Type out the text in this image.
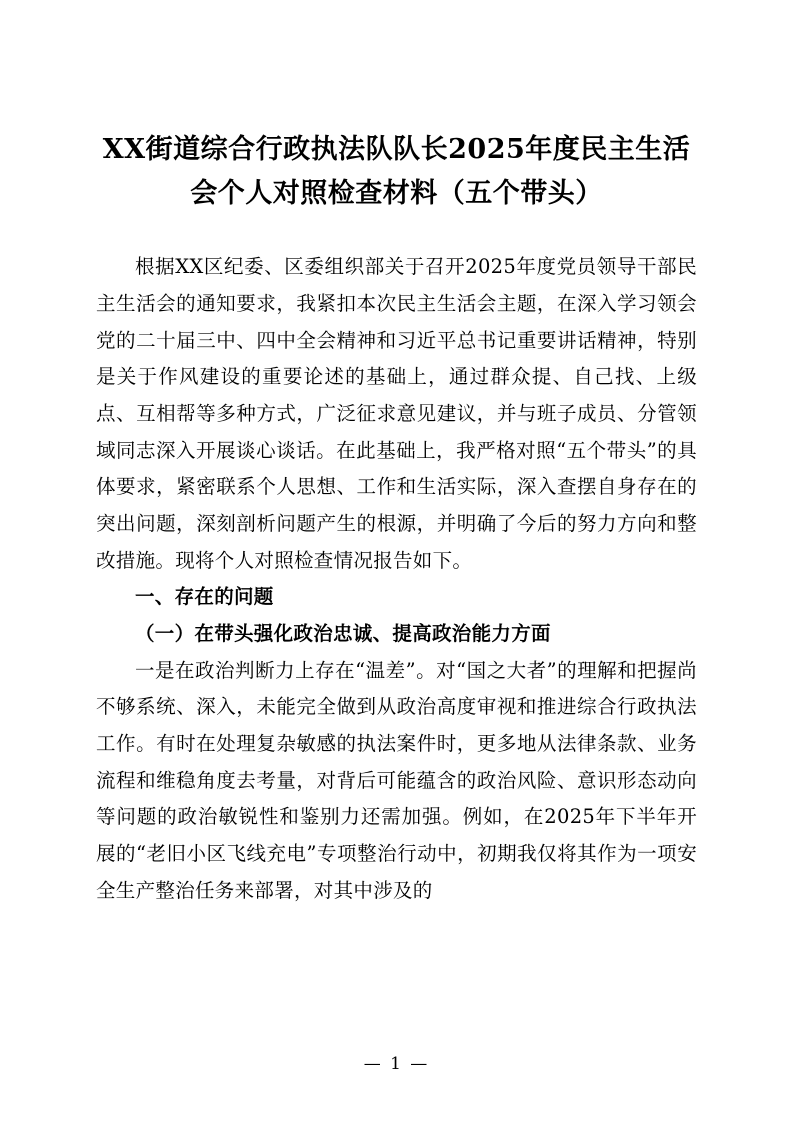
XX街道综合行政执法队队长2025年度民主生活会个人对照检查材料（五个带头）

根据XX区纪委、区委组织部关于召开2025年度党员领导干部民主生活会的通知要求，我紧扣本次民主生活会主题，在深入学习领会党的二十届三中、四中全会精神和习近平总书记重要讲话精神，特别是关于作风建设的重要论述的基础上，通过群众提、自己找、上级点、互相帮等多种方式，广泛征求意见建议，并与班子成员、分管领域同志深入开展谈心谈话。在此基础上，我严格对照“五个带头”的具体要求，紧密联系个人思想、工作和生活实际，深入查摆自身存在的突出问题，深刻剖析问题产生的根源，并明确了今后的努力方向和整改措施。现将个人对照检查情况报告如下。

一、存在的问题
（一）在带头强化政治忠诚、提高政治能力方面

一是在政治判断力上存在“温差”。对“国之大者”的理解和把握尚不够系统、深入，未能完全做到从政治高度审视和推进综合行政执法工作。有时在处理复杂敏感的执法案件时，更多地从法律条款、业务流程和维稳角度去考量，对背后可能蕴含的政治风险、意识形态动向等问题的政治敏锐性和鉴别力还需加强。例如，在2025年下半年开展的“老旧小区飞线充电”专项整治行动中，初期我仅将其作为一项安全生产整治任务来部署，对其中涉及的

— 1 —
